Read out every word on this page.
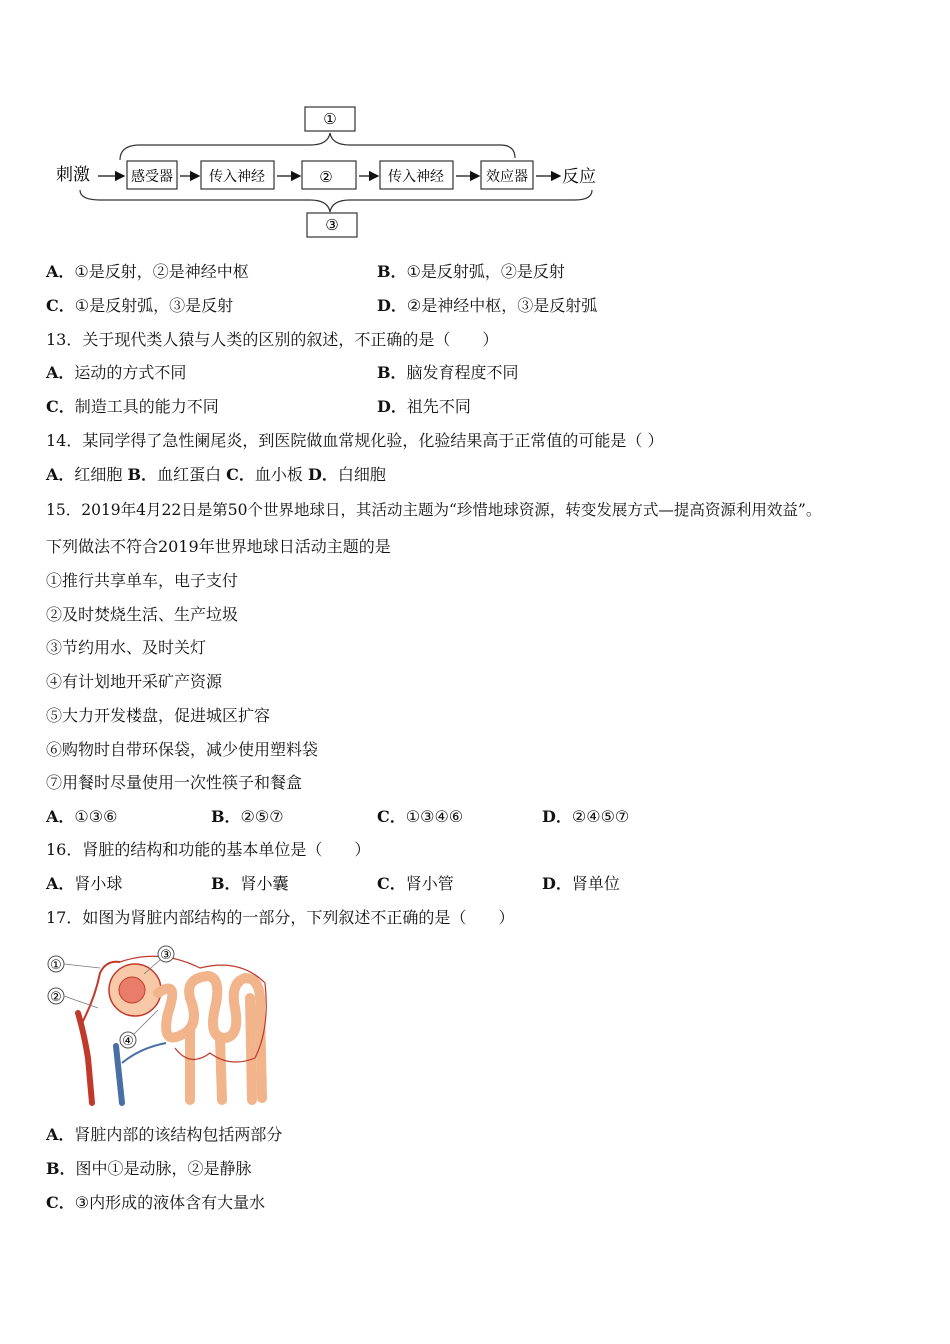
①
刺激	感受器	传入神经	②	传入神经	效应器 反应
③
A．①是反射，②是神经中枢	B．①是反射弧，②是反射
C．①是反射弧，③是反射	D．②是神经中枢，③是反射弧
13．关于现代类人猿与人类的区别的叙述，不正确的是（　　）
A．运动的方式不同	B．脑发育程度不同
C．制造工具的能力不同	D．祖先不同
14．某同学得了急性阑尾炎，到医院做血常规化验，化验结果高于正常值的可能是（ ）
A．红细胞 B．血红蛋白 C．血小板 D．白细胞
15．2019年4月22日是第50个世界地球日，其活动主题为“珍惜地球资源，转变发展方式—提高资源利用效益”。
下列做法不符合2019年世界地球日活动主题的是
①推行共享单车，电子支付
②及时焚烧生活、生产垃圾
③节约用水、及时关灯
④有计划地开采矿产资源
⑤大力开发楼盘，促进城区扩容
⑥购物时自带环保袋，减少使用塑料袋
⑦用餐时尽量使用一次性筷子和餐盒
A．①③⑥	B．②⑤⑦	C．①③④⑥	D．②④⑤⑦
16．肾脏的结构和功能的基本单位是（　　）
A．肾小球	B．肾小囊	C．肾小管	D．肾单位
17．如图为肾脏内部结构的一部分，下列叙述不正确的是（　　）
①
②
③
④
A．肾脏内部的该结构包括两部分
B．图中①是动脉，②是静脉
C．③内形成的液体含有大量水
